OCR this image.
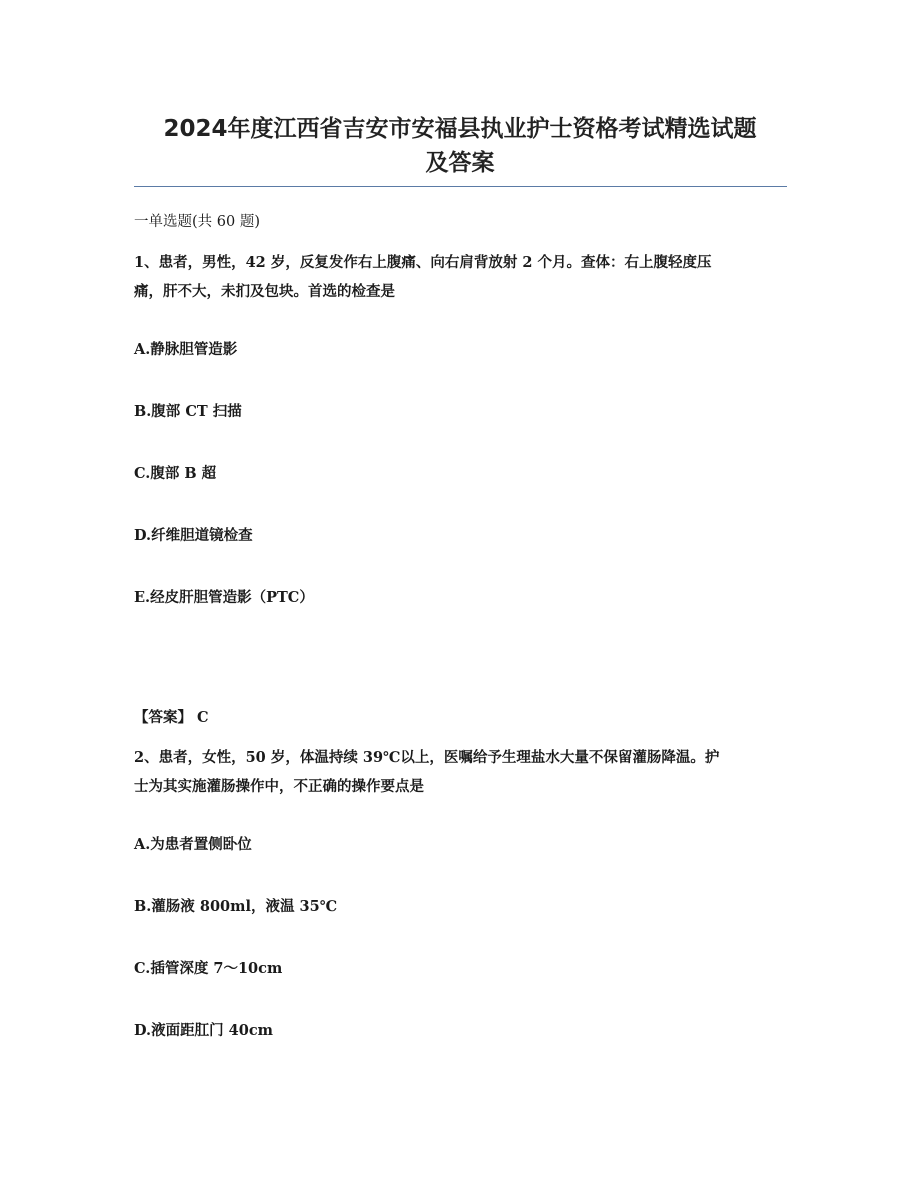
2024年度江西省吉安市安福县执业护士资格考试精选试题
及答案
一单选题(共 60 题)
1、患者，男性，42 岁，反复发作右上腹痛、向右肩背放射 2 个月。查体：右上腹轻度压
痛，肝不大，未扪及包块。首选的检查是
A.静脉胆管造影
B.腹部 CT 扫描
C.腹部 B 超
D.纤维胆道镜检查
E.经皮肝胆管造影（PTC）
【答案】 C
2、患者，女性，50 岁，体温持续 39℃以上，医嘱给予生理盐水大量不保留灌肠降温。护
士为其实施灌肠操作中，不正确的操作要点是
A.为患者置侧卧位
B.灌肠液 800ml，液温 35℃
C.插管深度 7～10cm
D.液面距肛门 40cm
